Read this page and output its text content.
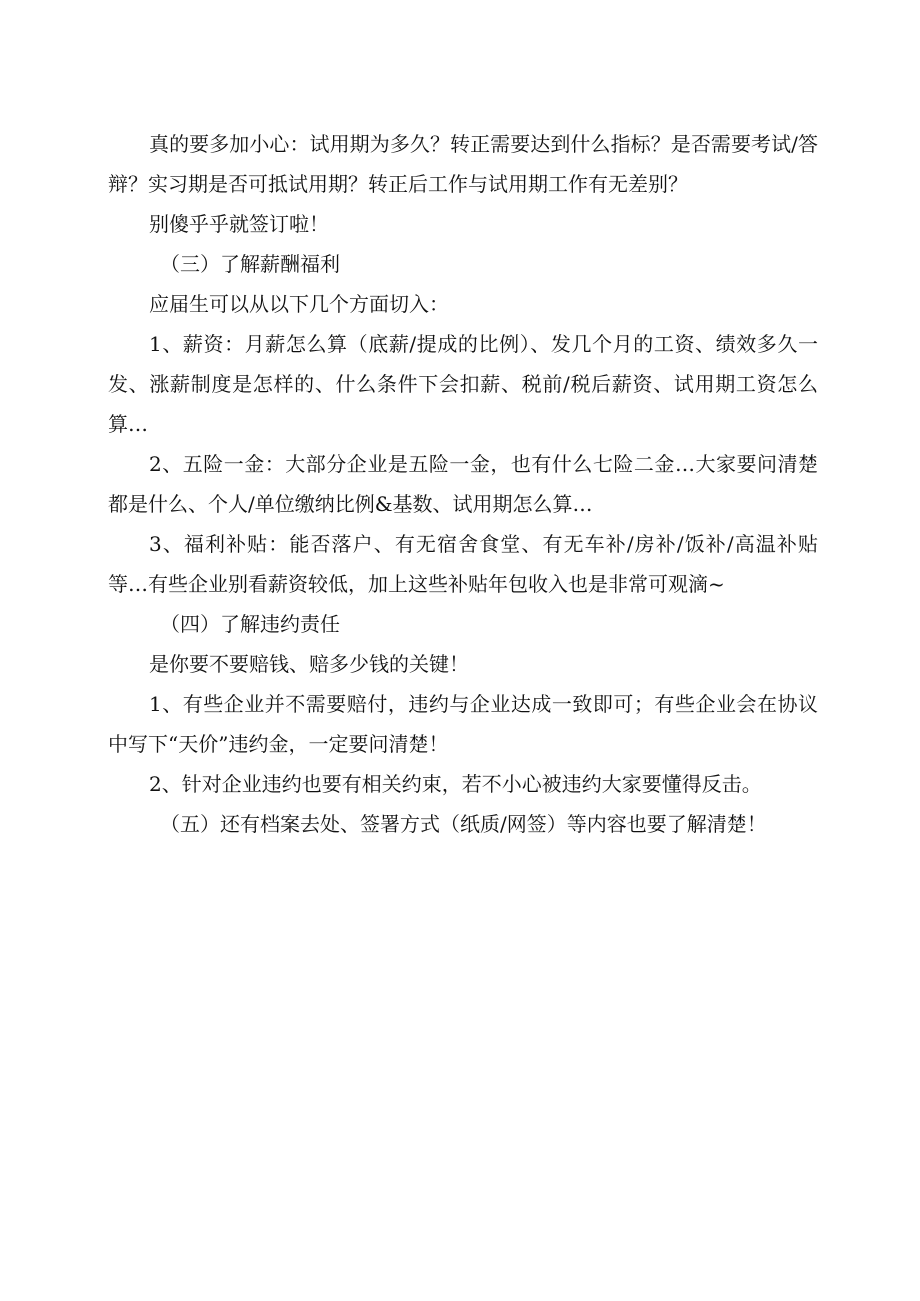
真的要多加小心：试用期为多久？转正需要达到什么指标？是否需要考试/答辩？实习期是否可抵试用期？转正后工作与试用期工作有无差别？

别傻乎乎就签订啦！

（三）了解薪酬福利

应届生可以从以下几个方面切入：

1、薪资：月薪怎么算（底薪/提成的比例）、发几个月的工资、绩效多久一发、涨薪制度是怎样的、什么条件下会扣薪、税前/税后薪资、试用期工资怎么算…

2、五险一金：大部分企业是五险一金，也有什么七险二金…大家要问清楚都是什么、个人/单位缴纳比例&基数、试用期怎么算…

3、福利补贴：能否落户、有无宿舍食堂、有无车补/房补/饭补/高温补贴等…有些企业别看薪资较低，加上这些补贴年包收入也是非常可观滴~

（四）了解违约责任

是你要不要赔钱、赔多少钱的关键！

1、有些企业并不需要赔付，违约与企业达成一致即可；有些企业会在协议中写下“天价”违约金，一定要问清楚！

2、针对企业违约也要有相关约束，若不小心被违约大家要懂得反击。

（五）还有档案去处、签署方式（纸质/网签）等内容也要了解清楚！
